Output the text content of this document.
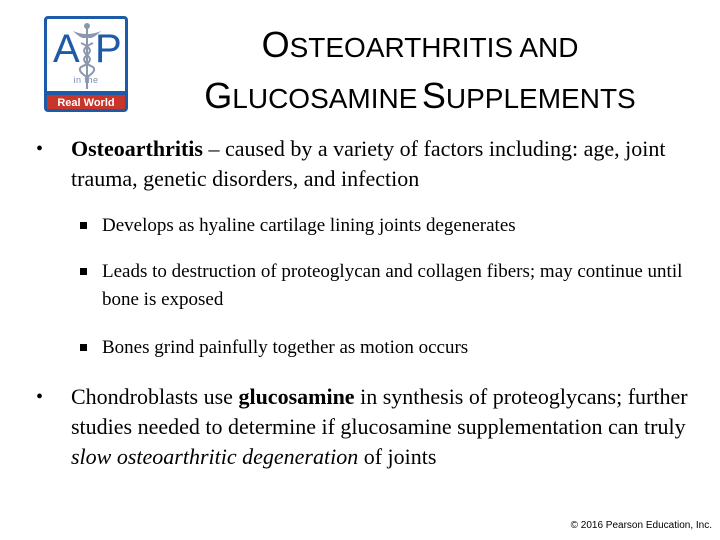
A P
in the
Real World
OSTEOARTHRITIS AND
GLUCOSAMINE SUPPLEMENTS
• Osteoarthritis – caused by a variety of factors including: age, joint trauma, genetic disorders, and infection
Develops as hyaline cartilage lining joints degenerates
Leads to destruction of proteoglycan and collagen fibers; may continue until bone is exposed
Bones grind painfully together as motion occurs
• Chondroblasts use glucosamine in synthesis of proteoglycans; further studies needed to determine if glucosamine supplementation can truly slow osteoarthritic degeneration of joints
© 2016 Pearson Education, Inc.
